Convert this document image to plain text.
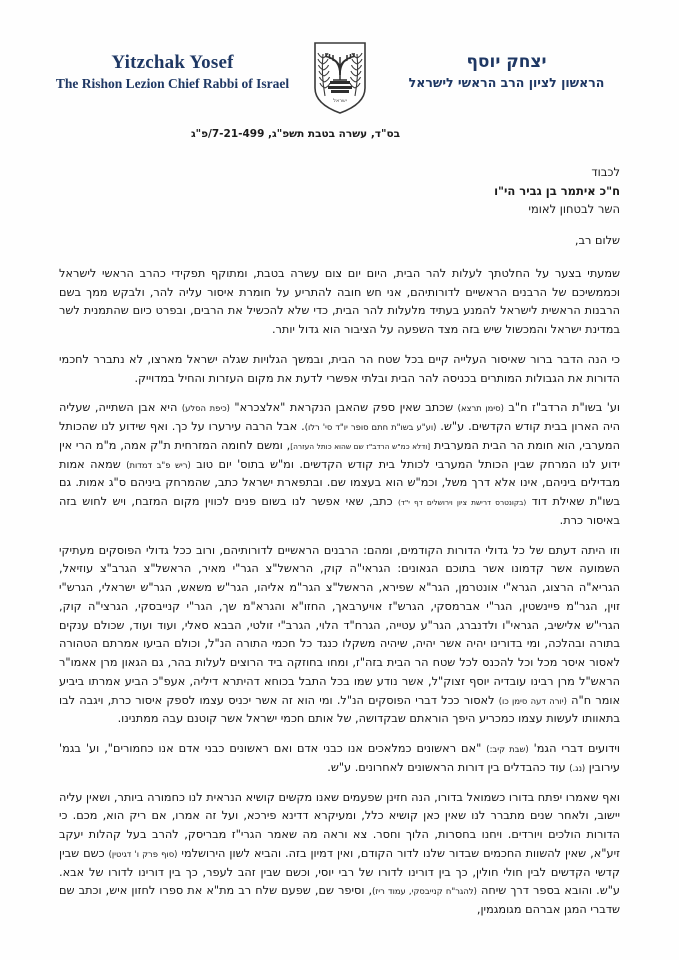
Yitzchak Yosef
The Rishon Lezion Chief Rabbi of Israel
ישראל
יצחק יוסף
הראשון לציון הרב הראשי לישראל
בס"ד, עשרה בטבת תשפ"ג, 7-21-499/פ"ג
לכבוד
ח"כ איתמר בן גביר הי"ו
השר לבטחון לאומי

שלום רב,

שמעתי בצער על החלטתך לעלות להר הבית, היום יום צום עשרה בטבת, ומתוקף תפקידי כהרב הראשי לישראל וכממשיכם של הרבנים הראשיים לדורותיהם, אני חש חובה להתריע על חומרת איסור עליה להר, ולבקש ממך בשם הרבנות הראשית לישראל להמנע בעתיד מלעלות להר הבית, כדי שלא להכשיל את הרבים, ובפרט כיום שהתמנית לשר במדינת ישראל והמכשול שיש בזה מצד השפעה על הציבור הוא גדול יותר.

כי הנה הדבר ברור שאיסור העלייה קיים בכל שטח הר הבית, ובמשך הגלויות שגלה ישראל מארצו, לא נתברר לחכמי הדורות את הגבולות המותרים בכניסה להר הבית ובלתי אפשרי לדעת את מקום העזרות והחיל במדוייק.

וע' בשו"ת הרדב"ז ח"ב (סימן תרצא) שכתב שאין ספק שהאבן הנקראת "אלצכרא" (כיפת הסלע) היא אבן השתייה, שעליה היה הארון בבית קודש הקדשים. ע"ש. (וע"ע בשו"ת חתם סופר יו"ד סי' רלו). אבל הרבה עירערו על כך. ואף שידוע לנו שהכותל המערבי, הוא חומת הר הבית המערבית [ודלא כמ"ש הרדב"ז שם שהוא כותל העזרה], ומשם לחומה המזרחית ת"ק אמה, מ"מ הרי אין ידוע לנו המרחק שבין הכותל המערבי לכותל בית קודש הקדשים. ומ"ש בתוס' יום טוב (ריש פ"ב דמדות) שמאה אמות מבדילים ביניהם, אינו אלא דרך משל, וכמ"ש הוא בעצמו שם. ובתפארת ישראל כתב, שהמרחק ביניהם ס"ג אמות. גם בשו"ת שאילת דוד (בקונטרס דרישת ציון וירושלים דף י"ד) כתב, שאי אפשר לנו בשום פנים לכווין מקום המזבח, ויש לחוש בזה באיסור כרת.

וזו היתה דעתם של כל גדולי הדורות הקודמים, ומהם: הרבנים הראשיים לדורותיהם, ורוב ככל גדולי הפוסקים מעתיקי השמועה אשר קדמונו אשר בתוכם הגאונים: הגראי"ה קוק, הראשל"צ הגר"י מאיר, הראשל"צ הגרב"צ עוזיאל, הגריא"ה הרצוג, הגרא"י אונטרמן, הגר"א שפירא, הראשל"צ הגר"מ אליהו, הגר"ש משאש, הגר"ש ישראלי, הגרש"י זוין, הגר"מ פיינשטין, הגר"י אברמסקי, הגרש"ז אויערבאך, החזו"א והגרא"מ שך, הגר"י קנייבסקי, הגרצי"ה קוק, הגרי"ש אלישיב, הגראי"ו ולדנברג, הגר"ע עטייה, הגרח"ד הלוי, הגרב"י זולטי, הבבא סאלי, ועוד ועוד, שכולם ענקים בתורה ובהלכה, ומי בדורינו יהיה אשר יהיה, שיהיה משקלו כנגד כל חכמי התורה הנ"ל, וכולם הביעו אמרתם הטהורה לאסור איסר מכל וכל להכנס לכל שטח הר הבית בזה"ז, ומחו בחוזקה ביד הרוצים לעלות בהר, גם הגאון מרן אאמו"ר הראש"ל מרן רבינו עובדיה יוסף זצוק"ל, אשר נודע שמו בכל התבל בכוחא דהיתרא דיליה, אעפ"כ הביע אמרתו ביביע אומר ח"ה (יורה דעה סימן כו) לאסור ככל דברי הפוסקים הנ"ל. ומי הוא זה אשר יכניס עצמו לספק איסור כרת, ויגבה לבו בתאוותו לעשות עצמו כמכריע היפך הוראתם שבקדושה, של אותם חכמי ישראל אשר קוטנם עבה ממתנינו.

וידועים דברי הגמ' (שבת קיב:) "אם ראשונים כמלאכים אנו כבני אדם ואם ראשונים כבני אדם אנו כחמורים", וע' בגמ' עירובין (נג.) עוד כהבדלים בין דורות הראשונים לאחרונים. ע"ש.

ואף שאמרו יפתח בדורו כשמואל בדורו, הנה חזינן שפעמים שאנו מקשים קושיא הנראית לנו כחמורה ביותר, ושאין עליה יישוב, ולאחר שנים מתברר לנו שאין כאן קושיא כלל, ומעיקרא דדינא פירכא, ועל זה אמרו, אם ריק הוא, מכם. כי הדורות הולכים ויורדים. ויחנו בחסרות, הלוך וחסר. צא וראה מה שאמר הגרי"ז מבריסק, להרב בעל קהלות יעקב זיע"א, שאין להשוות החכמים שבדור שלנו לדור הקודם, ואין דמיון בזה. והביא לשון הירושלמי (סוף פרק ו' דגיטין) כשם שבין קדשי הקדשים לבין חולי חולין, כך בין דורינו לדורו של רבי יוסי, וכשם שבין זהב לעפר, כך בין דורינו לדורו של אבא. ע"ש. והובא בספר דרך שיחה (להגר"ח קנייבסקי, עמוד ריז), וסיפר שם, שפעם שלח רב מת"א את ספרו לחזון איש, וכתב שם שדברי המגן אברהם מגומגמין,
